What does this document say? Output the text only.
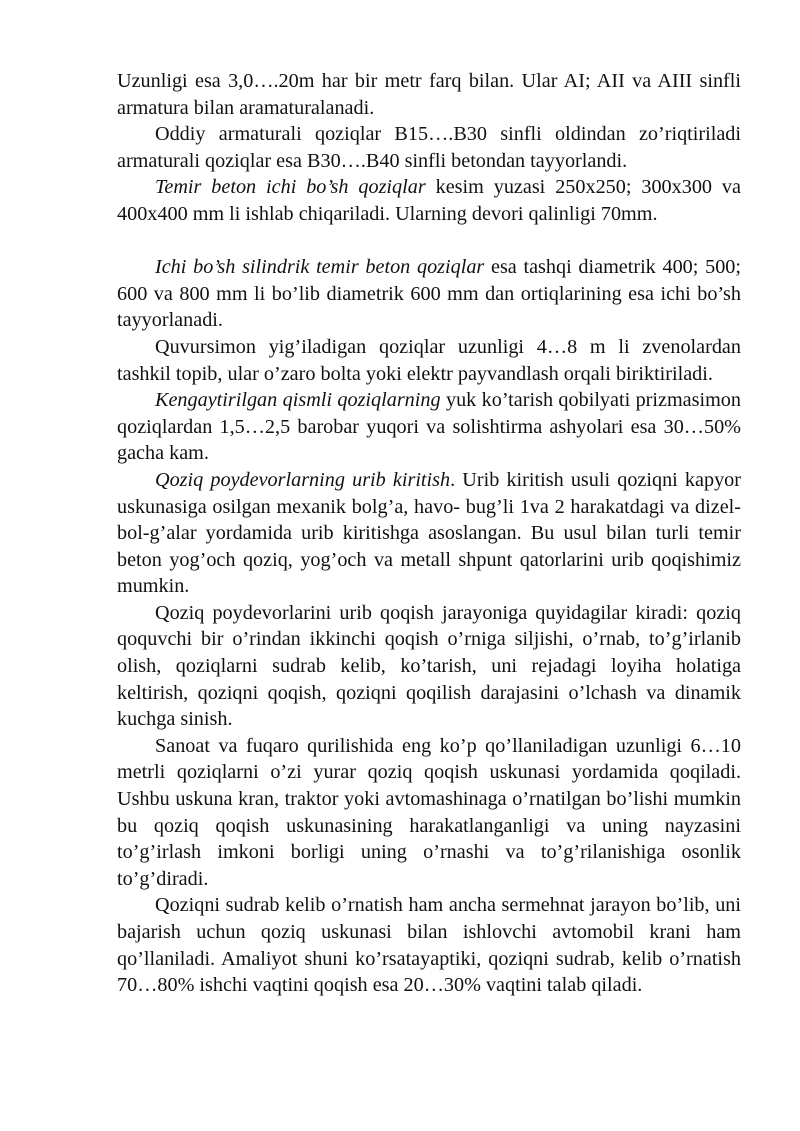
Uzunligi esa 3,0….20m har bir metr farq bilan. Ular AI; AII va AIII sinfli armatura bilan aramaturalanadi.

Oddiy armaturali qoziqlar B15….B30 sinfli oldindan zo’riqtiriladi armaturali qoziqlar esa B30….B40 sinfli betondan tayyorlandi.

Temir beton ichi bo’sh qoziqlar kesim yuzasi 250x250; 300x300 va 400x400 mm li ishlab chiqariladi. Ularning devori qalinligi 70mm.

Ichi bo’sh silindrik temir beton qoziqlar esa tashqi diametrik 400; 500; 600 va 800 mm li bo’lib diametrik 600 mm dan ortiqlarining esa ichi bo’sh tayyorlanadi.

Quvursimon yig’iladigan qoziqlar uzunligi 4…8 m li zvenolardan tashkil topib, ular o’zaro bolta yoki elektr payvandlash orqali biriktiriladi.

Kengaytirilgan qismli qoziqlarning yuk ko’tarish qobilyati prizmasimon qoziqlardan 1,5…2,5 barobar yuqori va solishtirma ashyolari esa 30…50% gacha kam.

Qoziq poydevorlarning urib kiritish. Urib kiritish usuli qoziqni kapyor uskunasiga osilgan mexanik bolg’a, havo- bug’li 1va 2 harakatdagi va dizel-bol-g’alar yordamida urib kiritishga asoslangan. Bu usul bilan turli temir beton yog’och qoziq, yog’och va metall shpunt qatorlarini urib qoqishimiz mumkin.

Qoziq poydevorlarini urib qoqish jarayoniga quyidagilar kiradi: qoziq qoquvchi bir o’rindan ikkinchi qoqish o’rniga siljishi, o’rnab, to’g’irlanib olish, qoziqlarni sudrab kelib, ko’tarish, uni rejadagi loyiha holatiga keltirish, qoziqni qoqish, qoziqni qoqilish darajasini o’lchash va dinamik kuchga sinish.

Sanoat va fuqaro qurilishida eng ko’p qo’llaniladigan uzunligi 6…10 metrli qoziqlarni o’zi yurar qoziq qoqish uskunasi yordamida qoqiladi. Ushbu uskuna kran, traktor yoki avtomashinaga o’rnatilgan bo’lishi mumkin bu qoziq qoqish uskunasining harakatlanganligi va uning nayzasini to’g’irlash imkoni borligi uning o’rnashi va to’g’rilanishiga osonlik to’g’diradi.

Qoziqni sudrab kelib o’rnatish ham ancha sermehnat jarayon bo’lib, uni bajarish uchun qoziq uskunasi bilan ishlovchi avtomobil krani ham qo’llaniladi. Amaliyot shuni ko’rsatayaptiki, qoziqni sudrab, kelib o’rnatish 70…80% ishchi vaqtini qoqish esa 20…30% vaqtini talab qiladi.
